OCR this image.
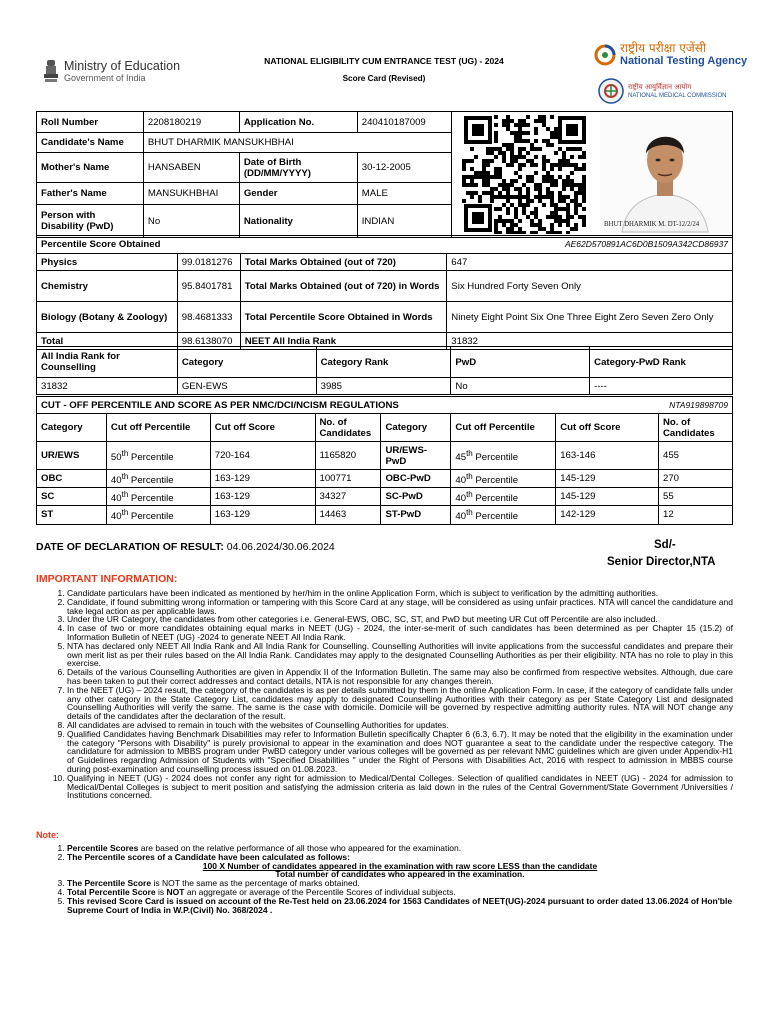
Ministry of Education
Government of India
NATIONAL ELIGIBILITY CUM ENTRANCE TEST (UG) - 2024
Score Card (Revised)
राष्ट्रीय परीक्षा एजेंसी
National Testing Agency
राष्ट्रीय आयुर्विज्ञान आयोग
NATIONAL MEDICAL COMMISSION
Roll Number	2208180219	Application No.	240410187009	
Candidate's Name	BHUT DHARMIK MANSUKHBHAI			
Mother's Name	HANSABEN	Date of Birth (DD/MM/YYYY)	30-12-2005	
Father's Name	MANSUKHBHAI	Gender	MALE	
Person with Disability (PwD)	No	Nationality	INDIAN		BHUT DHARMIK M. DT-12/2/24
Percentile Score Obtained			AE62D570891AC6D0B1509A342CD86937
Physics	99.0181276	Total Marks Obtained (out of 720)	647
Chemistry	95.8401781	Total Marks Obtained (out of 720) in Words	Six Hundred Forty Seven Only
Biology (Botany & Zoology)	98.4681333	Total Percentile Score Obtained in Words	Ninety Eight Point Six One Three Eight Zero Seven Zero Only
Total	98.6138070	NEET All India Rank	31832
All India Rank for Counselling	Category	Category Rank	PwD	Category-PwD Rank
31832	GEN-EWS	3985	No	----
CUT - OFF PERCENTILE AND SCORE AS PER NMC/DCI/NCISM REGULATIONS						NTA919898709	
Category	Cut off Percentile	Cut off Score	No. of Candidates	Category	Cut off Percentile	Cut off Score	No. of Candidates
UR/EWS	50th Percentile	720-164	1165820	UR/EWS-PwD	45th Percentile	163-146	455
OBC	40th Percentile	163-129	100771	OBC-PwD	40th Percentile	145-129	270
SC	40th Percentile	163-129	34327	SC-PwD	40th Percentile	145-129	55
ST	40th Percentile	163-129	14463	ST-PwD	40th Percentile	142-129	12
DATE OF DECLARATION OF RESULT: 04.06.2024/30.06.2024	Sd/-
Senior Director,NTA
IMPORTANT INFORMATION:
1. Candidate particulars have been indicated as mentioned by her/him in the online Application Form, which is subject to verification by the admitting authorities.
2. Candidate, if found submitting wrong information or tampering with this Score Card at any stage, will be considered as using unfair practices. NTA will cancel the candidature and take legal action as per applicable laws.
3. Under the UR Category, the candidates from other categories i.e. General-EWS, OBC, SC, ST, and PwD but meeting UR Cut off Percentile are also included.
4. In case of two or more candidates obtaining equal marks in NEET (UG) - 2024, the inter-se-merit of such candidates has been determined as per Chapter 15 (15.2) of Information Bulletin of NEET (UG) -2024 to generate NEET All India Rank.
5. NTA has declared only NEET All India Rank and All India Rank for Counselling. Counselling Authorities will invite applications from the successful candidates and prepare their own merit list as per their rules based on the All India Rank. Candidates may apply to the designated Counselling Authorities as per their eligibility. NTA has no role to play in this exercise.
6. Details of the various Counselling Authorities are given in Appendix II of the Information Bulletin. The same may also be confirmed from respective websites. Although, due care has been taken to put their correct addresses and contact details, NTA is not responsible for any changes therein.
7. In the NEET (UG) – 2024 result, the category of the candidates is as per details submitted by them in the online Application Form. In case, if the category of candidate falls under any other category in the State Category List, candidates may apply to designated Counselling Authorities with their category as per State Category List and designated Counselling Authorities will verify the same. The same is the case with domicile. Domicile will be governed by respective admitting authority rules. NTA will NOT change any details of the candidates after the declaration of the result.
8. All candidates are advised to remain in touch with the websites of Counselling Authorities for updates.
9. Qualified Candidates having Benchmark Disabilities may refer to Information Bulletin specifically Chapter 6 (6.3, 6.7). It may be noted that the eligibility in the examination under the category "Persons with Disability" is purely provisional to appear in the examination and does NOT guarantee a seat to the candidate under the respective category. The candidature for admission to MBBS program under PwBD category under various colleges will be governed as per relevant NMC guidelines which are given under Appendix-H1 of Guidelines regarding Admission of Students with "Specified Disabilities " under the Right of Persons with Disabilities Act, 2016 with respect to admission in MBBS course during post-examination and counselling process issued on 01.08.2023.
10. Qualifying in NEET (UG) - 2024 does not confer any right for admission to Medical/Dental Colleges. Selection of qualified candidates in NEET (UG) - 2024 for admission to Medical/Dental Colleges is subject to merit position and satisfying the admission criteria as laid down in the rules of the Central Government/State Government /Universities / Institutions concerned.
Note:
1. Percentile Scores are based on the relative performance of all those who appeared for the examination.
2. The Percentile scores of a Candidate have been calculated as follows:
100 X Number of candidates appeared in the examination with raw score LESS than the candidate
Total number of candidates who appeared in the examination.
3. The Percentile Score is NOT the same as the percentage of marks obtained.
4. Total Percentile Score is NOT an aggregate or average of the Percentile Scores of individual subjects.
5. This revised Score Card is issued on account of the Re-Test held on 23.06.2024 for 1563 Candidates of NEET(UG)-2024 pursuant to order dated 13.06.2024 of Hon'ble Supreme Court of India in W.P.(Civil) No. 368/2024 .
